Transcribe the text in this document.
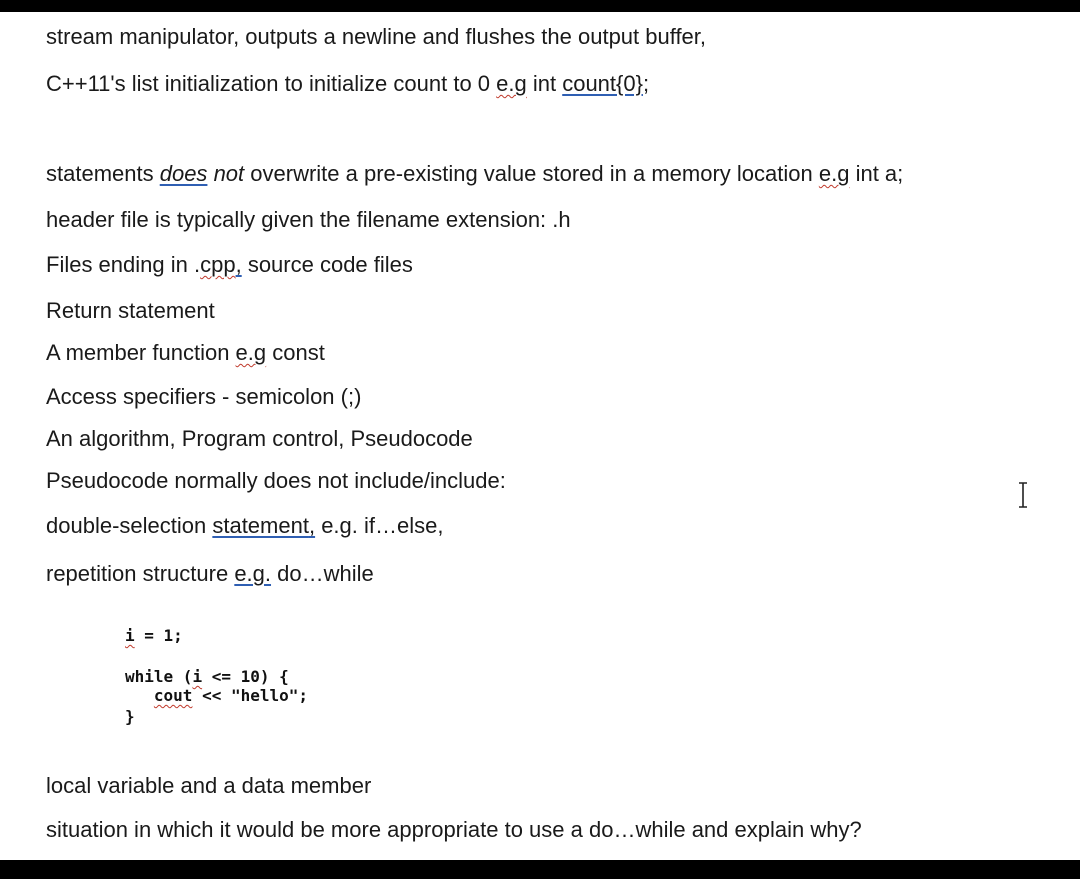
stream manipulator, outputs a newline and flushes the output buffer,
C++11's list initialization to initialize count to 0 e.g int count{0};
statements does not overwrite a pre-existing value stored in a memory location e.g int a;
header file is typically given the filename extension: .h
Files ending in .cpp, source code files
Return statement
A member function e.g const
Access specifiers - semicolon (;)
An algorithm, Program control, Pseudocode
Pseudocode normally does not include/include:
double-selection statement, e.g. if…else,
repetition structure e.g. do…while
i = 1;
while (i <= 10) {
cout << "hello";
}
local variable and a data member
situation in which it would be more appropriate to use a do…while and explain why?
